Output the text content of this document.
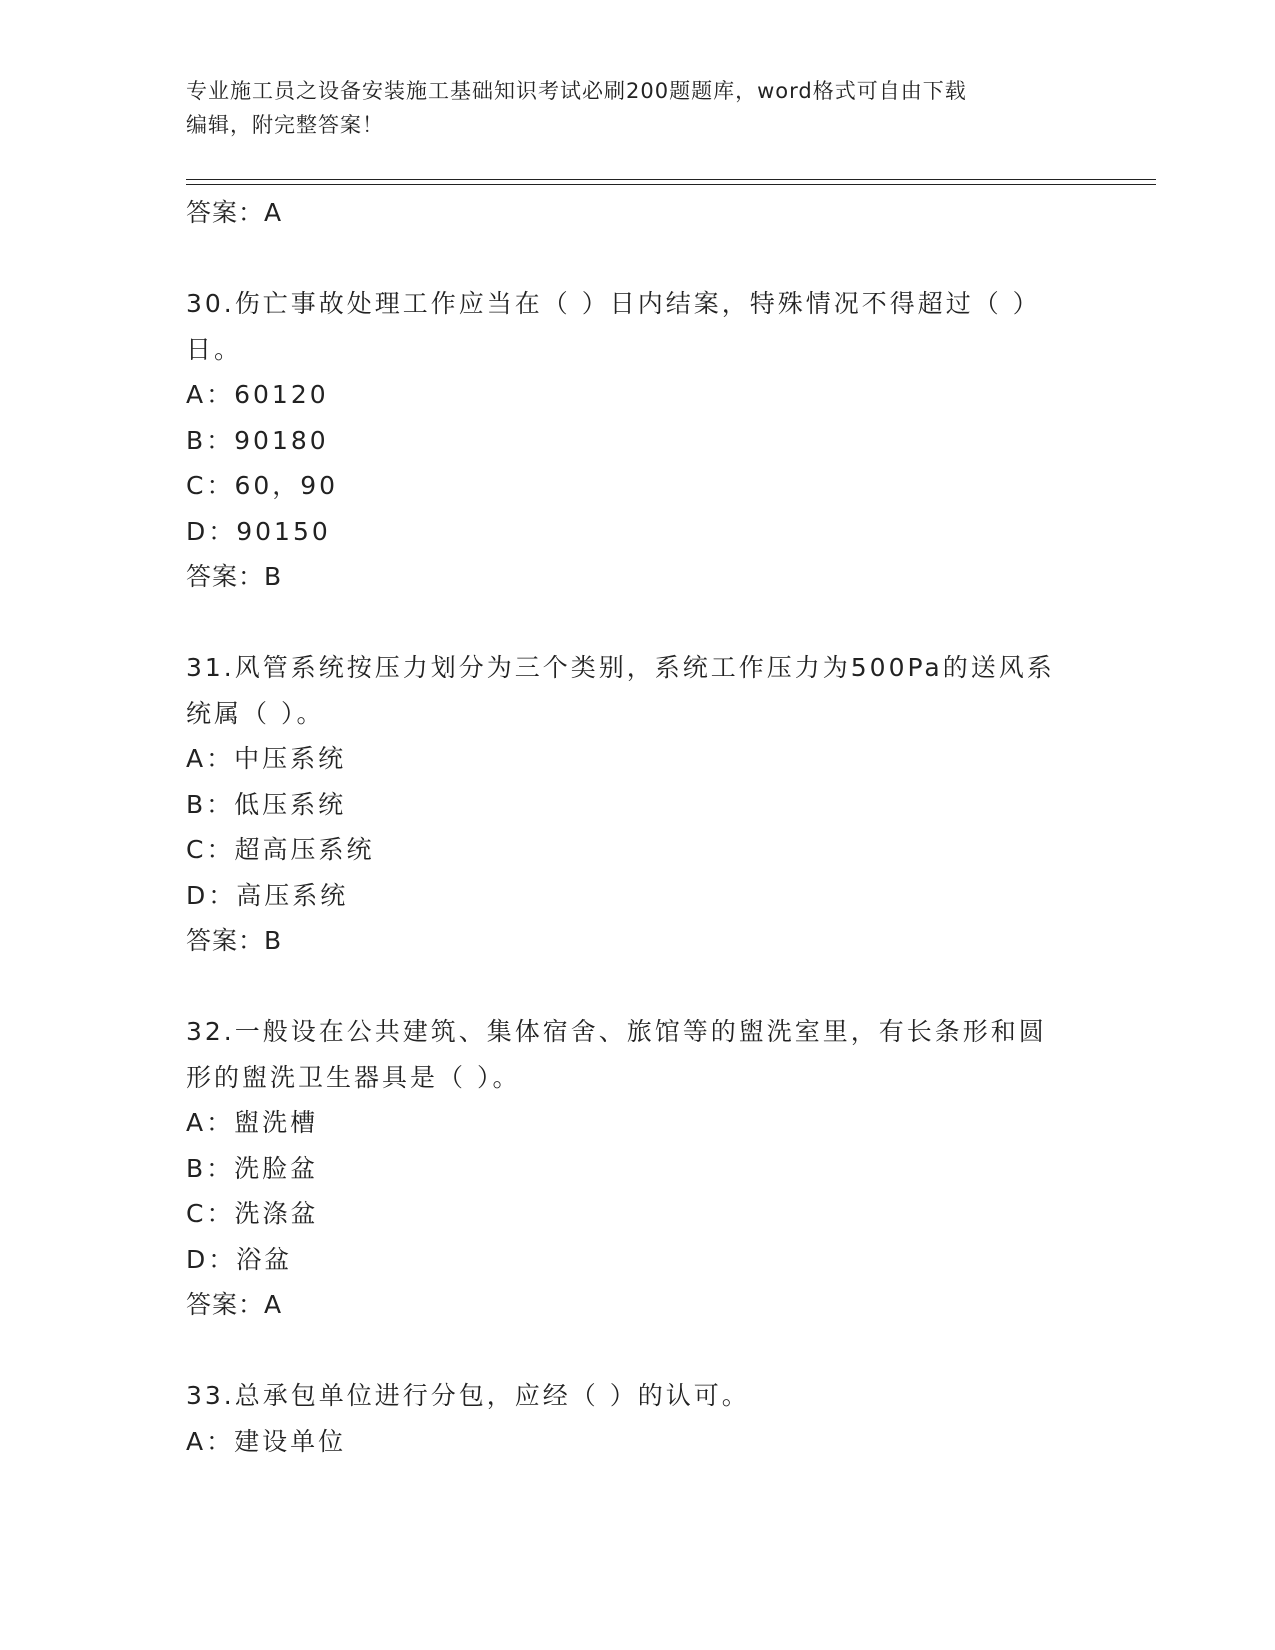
专业施工员之设备安装施工基础知识考试必刷200题题库，word格式可自由下载
编辑，附完整答案！

答案：A

30.伤亡事故处理工作应当在（ ）日内结案，特殊情况不得超过（ ）

日。

A：60120

B：90180

C：60，90

D：90150

答案：B

31.风管系统按压力划分为三个类别，系统工作压力为500Pa的送风系

统属（ ）。

A：中压系统

B：低压系统

C：超高压系统

D：高压系统

答案：B

32.一般设在公共建筑、集体宿舍、旅馆等的盥洗室里，有长条形和圆

形的盥洗卫生器具是（ ）。

A：盥洗槽

B：洗脸盆

C：洗涤盆

D：浴盆

答案：A

33.总承包单位进行分包，应经（ ）的认可。

A：建设单位
